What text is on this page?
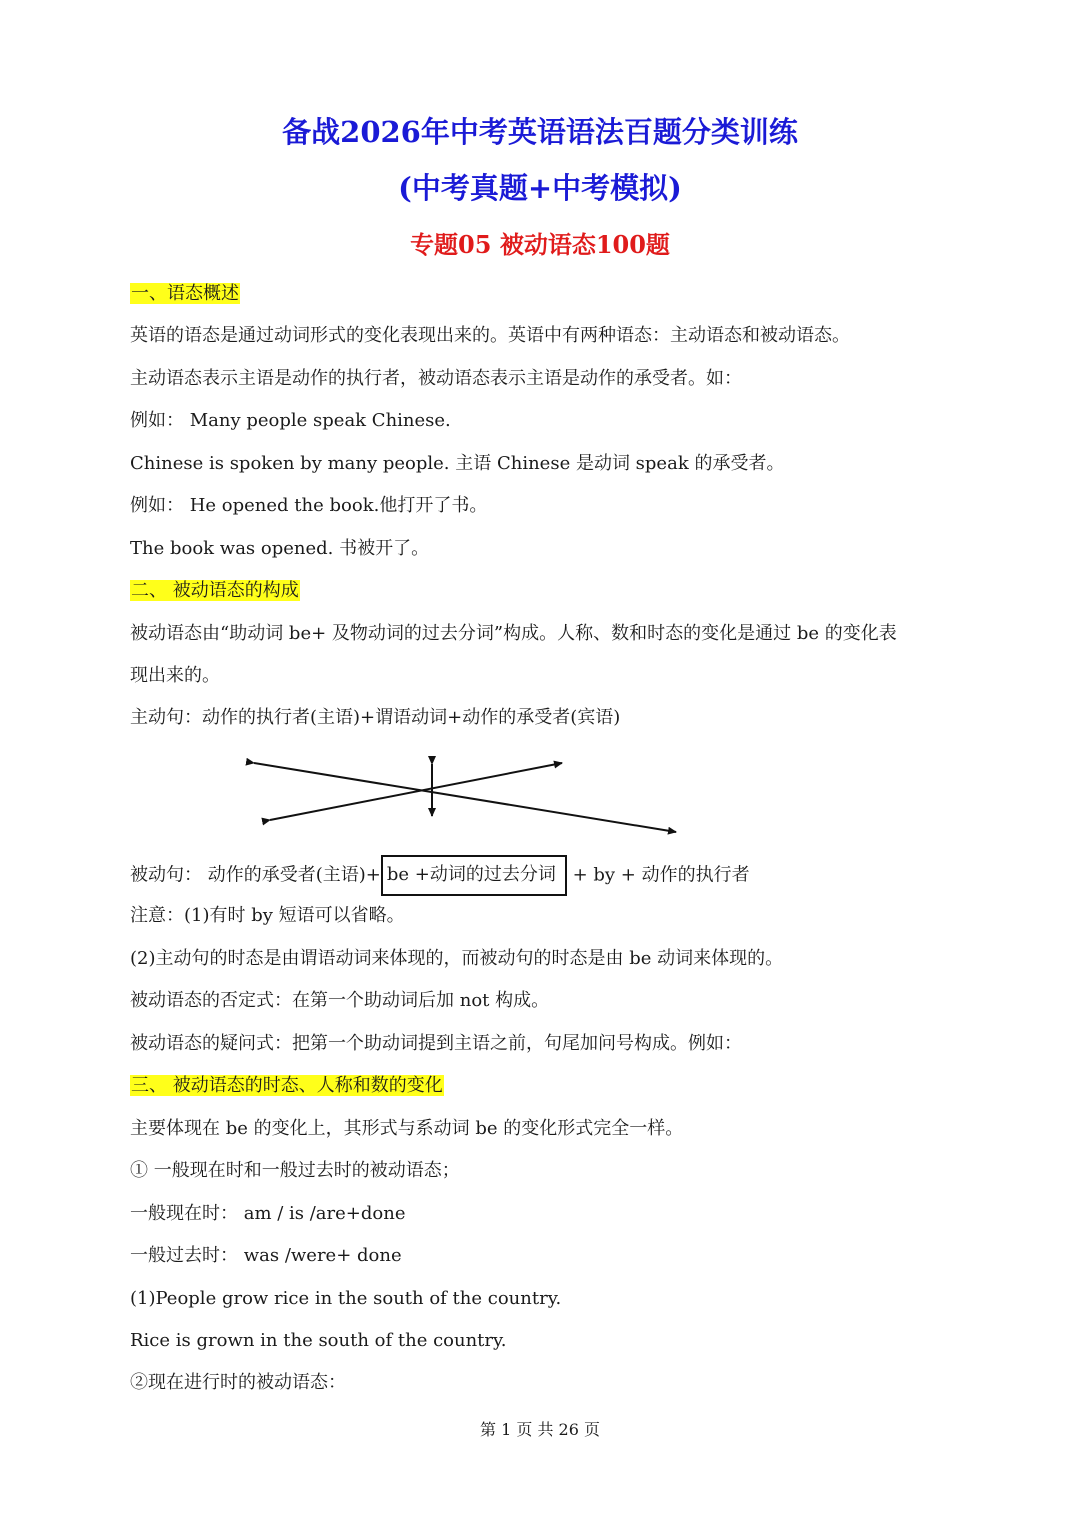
备战2026年中考英语语法百题分类训练
(中考真题+中考模拟)
专题05 被动语态100题
一、语态概述
英语的语态是通过动词形式的变化表现出来的。英语中有两种语态：主动语态和被动语态。
主动语态表示主语是动作的执行者，被动语态表示主语是动作的承受者。如：
例如： Many people speak Chinese.
Chinese is spoken by many people. 主语 Chinese 是动词 speak 的承受者。
例如： He opened the book.他打开了书。
The book was opened. 书被开了。
二、 被动语态的构成
被动语态由“助动词 be+ 及物动词的过去分词”构成。人称、数和时态的变化是通过 be 的变化表
现出来的。
主动句：动作的执行者(主语)+谓语动词+动作的承受者(宾语)
被动句： 动作的承受者(主语)+ be +动词的过去分词 + by + 动作的执行者
注意：(1)有时 by 短语可以省略。
(2)主动句的时态是由谓语动词来体现的，而被动句的时态是由 be 动词来体现的。
被动语态的否定式：在第一个助动词后加 not 构成。
被动语态的疑问式：把第一个助动词提到主语之前，句尾加问号构成。例如：
三、 被动语态的时态、人称和数的变化
主要体现在 be 的变化上，其形式与系动词 be 的变化形式完全一样。
① 一般现在时和一般过去时的被动语态；
一般现在时： am / is /are+done
一般过去时： was /were+ done
(1)People grow rice in the south of the country.
Rice is grown in the south of the country.
②现在进行时的被动语态：
第 1 页 共 26 页
